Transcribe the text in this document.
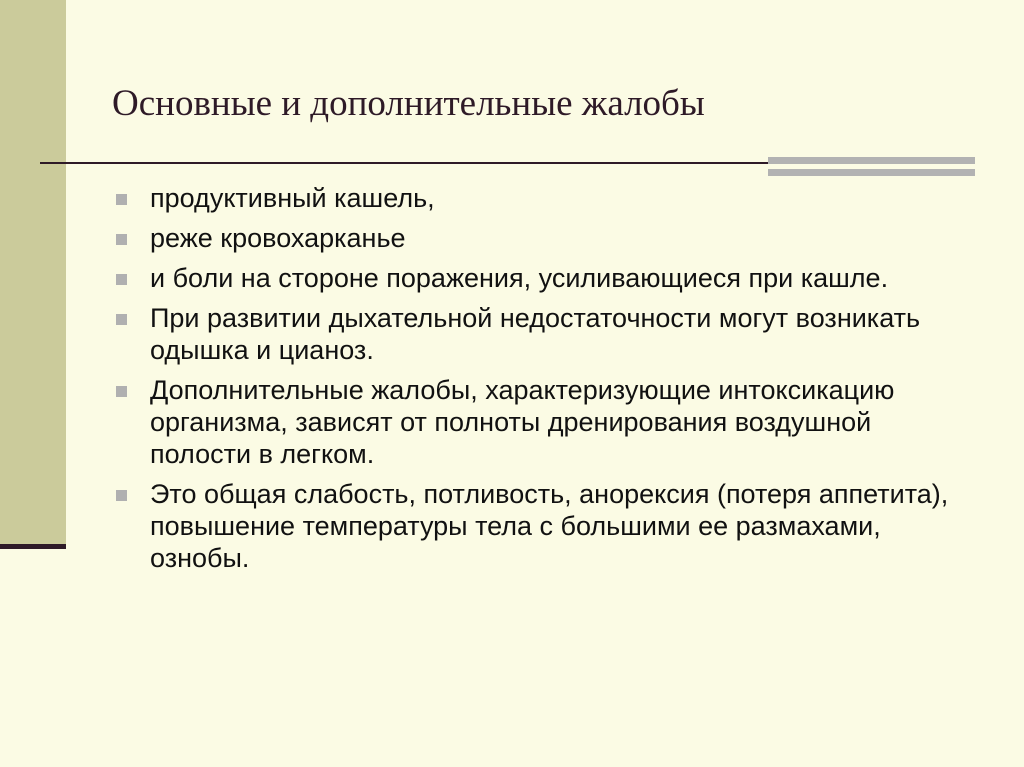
Основные и дополнительные жалобы
продуктивный кашель,
реже кровохарканье
и боли на стороне поражения, усиливающиеся при кашле.
При развитии дыхательной недостаточности могут возникать одышка и цианоз.
Дополнительные жалобы, характеризующие интоксикацию организма, зависят от полноты дренирования воздушной полости в легком.
Это общая слабость, потливость, анорексия (потеря аппетита), повышение температуры тела с большими ее размахами, ознобы.
